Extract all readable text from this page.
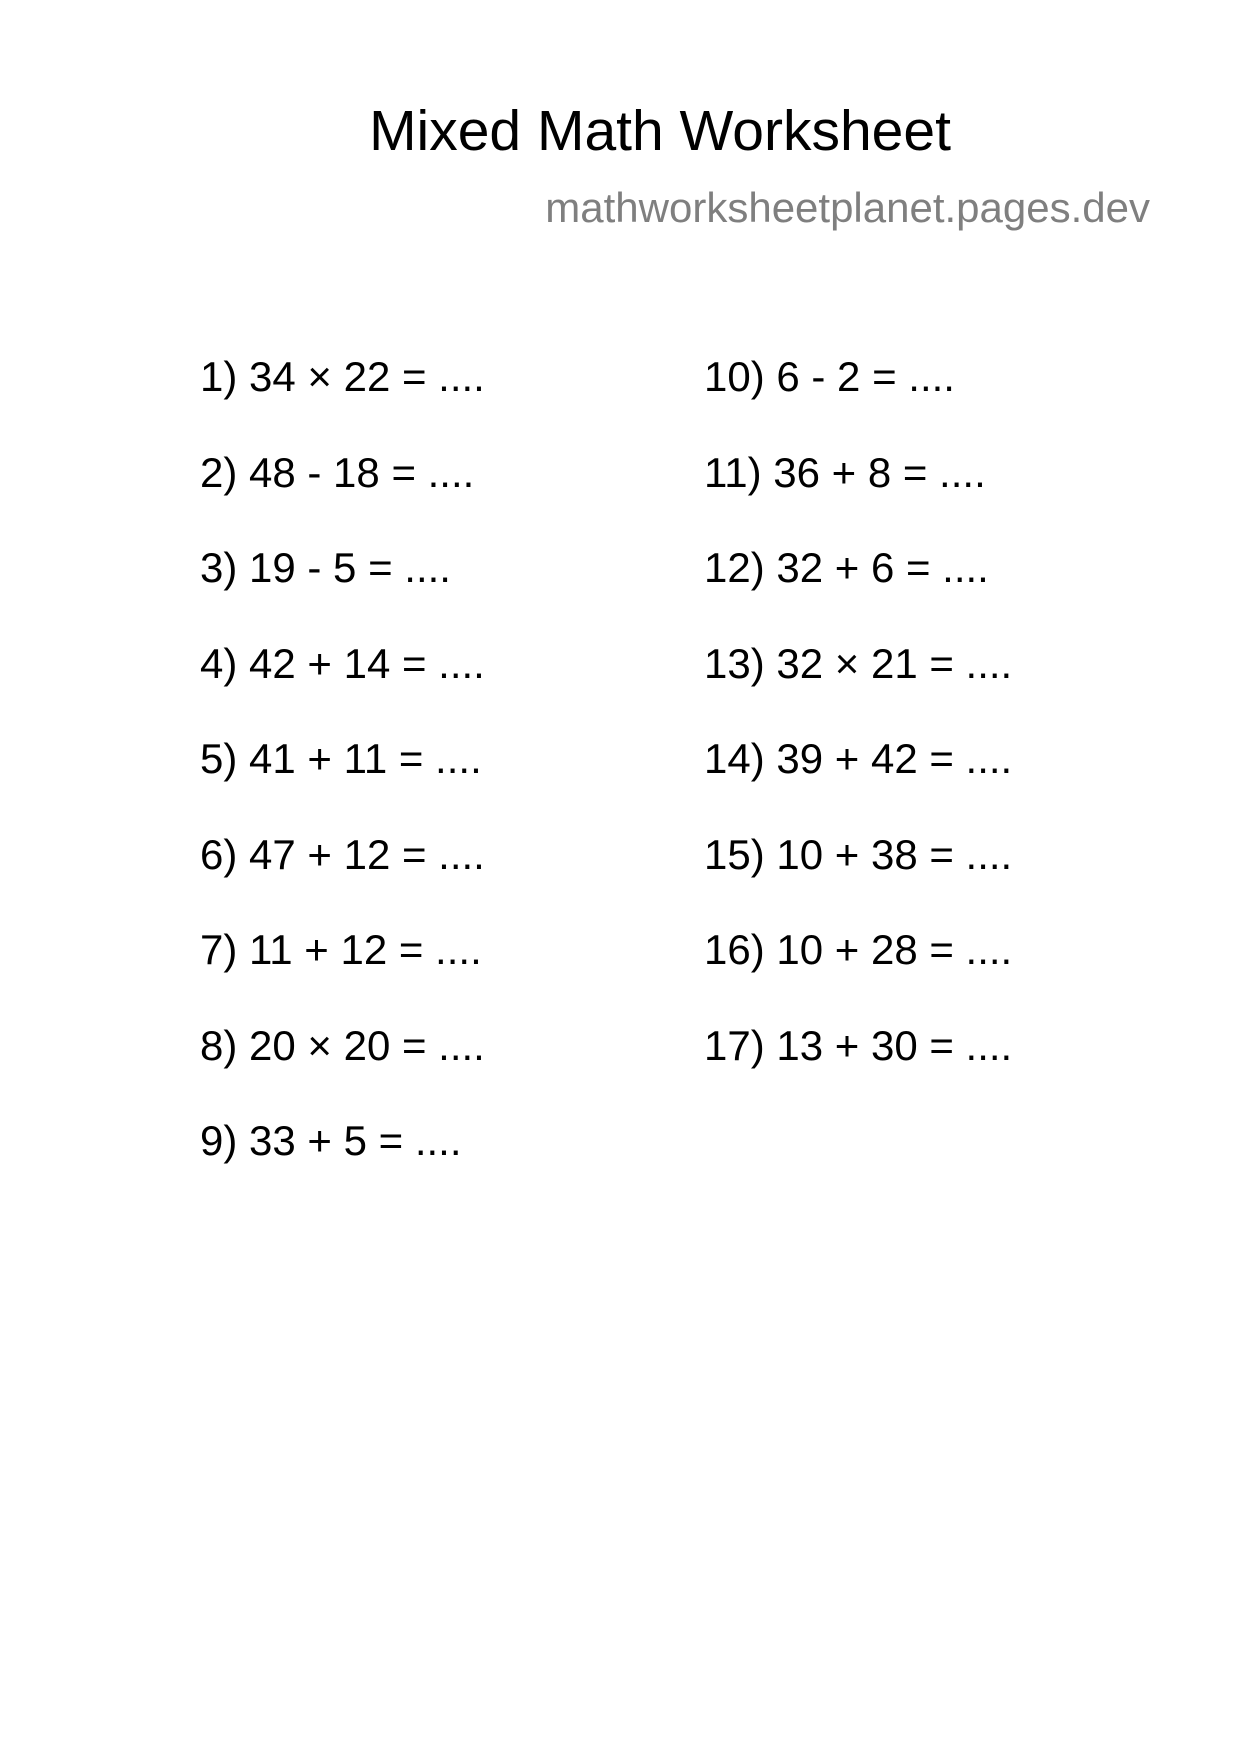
Mixed Math Worksheet
mathworksheetplanet.pages.dev
1) 34 × 22 = ....
2) 48 - 18 = ....
3) 19 - 5 = ....
4) 42 + 14 = ....
5) 41 + 11 = ....
6) 47 + 12 = ....
7) 11 + 12 = ....
8) 20 × 20 = ....
9) 33 + 5 = ....
10) 6 - 2 = ....
11) 36 + 8 = ....
12) 32 + 6 = ....
13) 32 × 21 = ....
14) 39 + 42 = ....
15) 10 + 38 = ....
16) 10 + 28 = ....
17) 13 + 30 = ....
